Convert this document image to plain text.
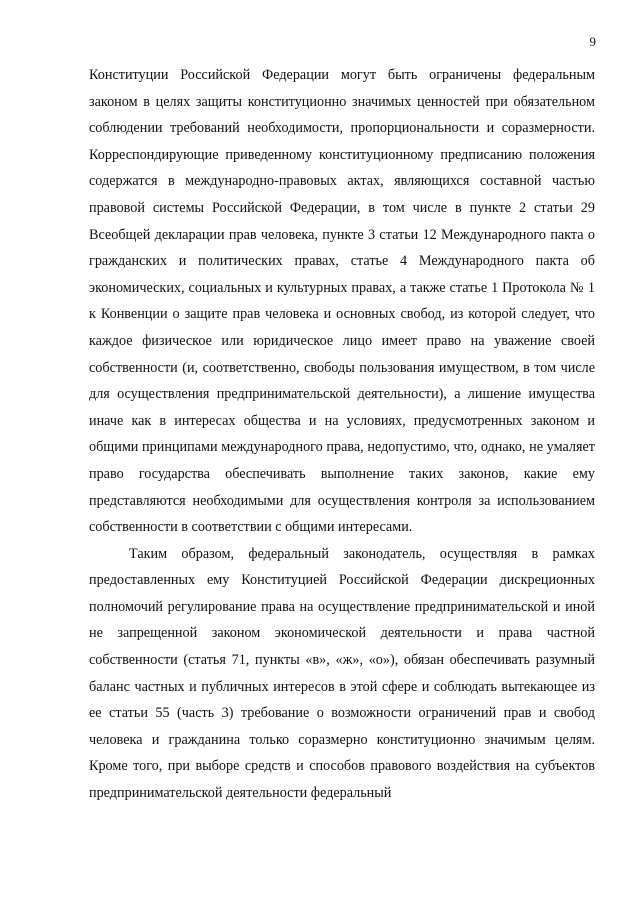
9

Конституции Российской Федерации могут быть ограничены федеральным законом в целях защиты конституционно значимых ценностей при обязательном соблюдении требований необходимости, пропорциональности и соразмерности. Корреспондирующие приведенному конституционному предписанию положения содержатся в международно-правовых актах, являющихся составной частью правовой системы Российской Федерации, в том числе в пункте 2 статьи 29 Всеобщей декларации прав человека, пункте 3 статьи 12 Международного пакта о гражданских и политических правах, статье 4 Международного пакта об экономических, социальных и культурных правах, а также статье 1 Протокола № 1 к Конвенции о защите прав человека и основных свобод, из которой следует, что каждое физическое или юридическое лицо имеет право на уважение своей собственности (и, соответственно, свободы пользования имуществом, в том числе для осуществления предпринимательской деятельности), а лишение имущества иначе как в интересах общества и на условиях, предусмотренных законом и общими принципами международного права, недопустимо, что, однако, не умаляет право государства обеспечивать выполнение таких законов, какие ему представляются необходимыми для осуществления контроля за использованием собственности в соответствии с общими интересами.

Таким образом, федеральный законодатель, осуществляя в рамках предоставленных ему Конституцией Российской Федерации дискреционных полномочий регулирование права на осуществление предпринимательской и иной не запрещенной законом экономической деятельности и права частной собственности (статья 71, пункты «в», «ж», «о»), обязан обеспечивать разумный баланс частных и публичных интересов в этой сфере и соблюдать вытекающее из ее статьи 55 (часть 3) требование о возможности ограничений прав и свобод человека и гражданина только соразмерно конституционно значимым целям. Кроме того, при выборе средств и способов правового воздействия на субъектов предпринимательской деятельности федеральный
